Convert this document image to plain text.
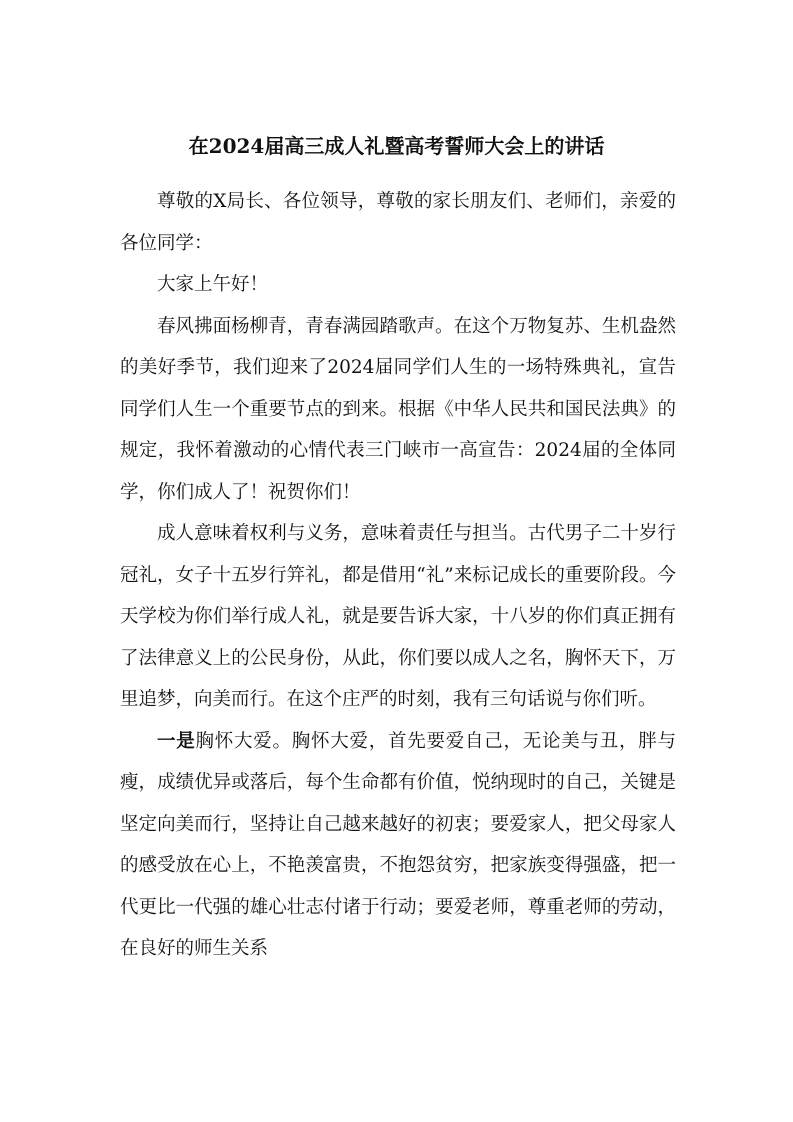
在2024届高三成人礼暨高考誓师大会上的讲话

尊敬的X局长、各位领导，尊敬的家长朋友们、老师们，亲爱的各位同学：

大家上午好！

春风拂面杨柳青，青春满园踏歌声。在这个万物复苏、生机盎然的美好季节，我们迎来了2024届同学们人生的一场特殊典礼，宣告同学们人生一个重要节点的到来。根据《中华人民共和国民法典》的规定，我怀着激动的心情代表三门峡市一高宣告：2024届的全体同学，你们成人了！祝贺你们！

成人意味着权利与义务，意味着责任与担当。古代男子二十岁行冠礼，女子十五岁行笄礼，都是借用“礼”来标记成长的重要阶段。今天学校为你们举行成人礼，就是要告诉大家，十八岁的你们真正拥有了法律意义上的公民身份，从此，你们要以成人之名，胸怀天下，万里追梦，向美而行。在这个庄严的时刻，我有三句话说与你们听。

一是胸怀大爱。胸怀大爱，首先要爱自己，无论美与丑，胖与瘦，成绩优异或落后，每个生命都有价值，悦纳现时的自己，关键是坚定向美而行，坚持让自己越来越好的初衷；要爱家人，把父母家人的感受放在心上，不艳羡富贵，不抱怨贫穷，把家族变得强盛，把一代更比一代强的雄心壮志付诸于行动；要爱老师，尊重老师的劳动，在良好的师生关系
